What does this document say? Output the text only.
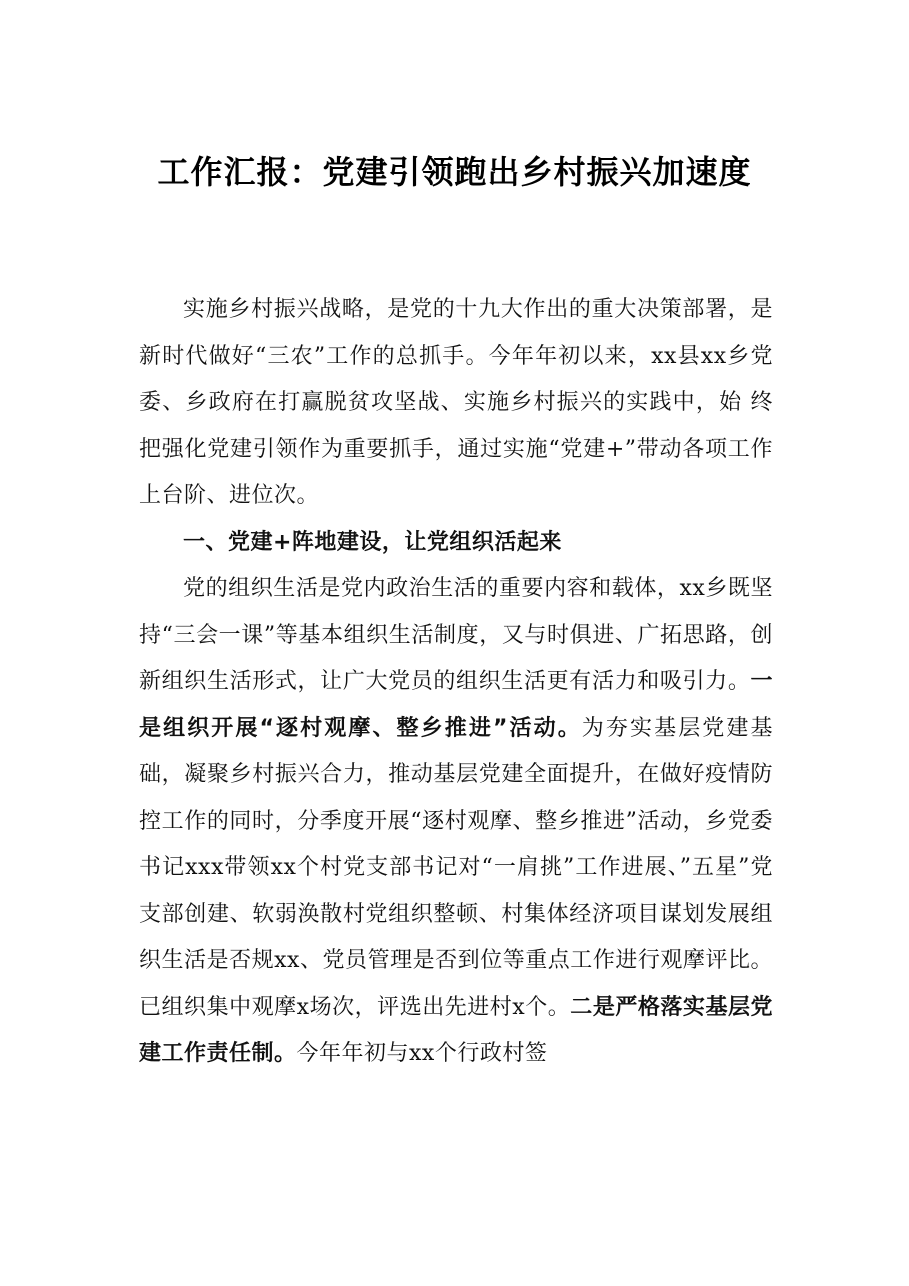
工作汇报：党建引领跑出乡村振兴加速度

实施乡村振兴战略，是党的十九大作出的重大决策部署，是新时代做好“三农”工作的总抓手。今年年初以来，xx县xx乡党委、乡政府在打赢脱贫攻坚战、实施乡村振兴的实践中，始 终把强化党建引领作为重要抓手，通过实施“党建+”带动各项工作上台阶、进位次。

一、党建+阵地建设，让党组织活起来

党的组织生活是党内政治生活的重要内容和载体，xx乡既坚持“三会一课”等基本组织生活制度，又与时俱进、广拓思路，创新组织生活形式，让广大党员的组织生活更有活力和吸引力。一是组织开展“逐村观摩、整乡推进”活动。为夯实基层党建基础，凝聚乡村振兴合力，推动基层党建全面提升，在做好疫情防控工作的同时，分季度开展“逐村观摩、整乡推进”活动，乡党委书记xxx带领xx个村党支部书记对“一肩挑”工作进展、”五星”党支部创建、软弱涣散村党组织整顿、村集体经济项目谋划发展组织生活是否规xx、党员管理是否到位等重点工作进行观摩评比。已组织集中观摩x场次，评选出先进村x个。二是严格落实基层党建工作责任制。今年年初与xx个行政村签
